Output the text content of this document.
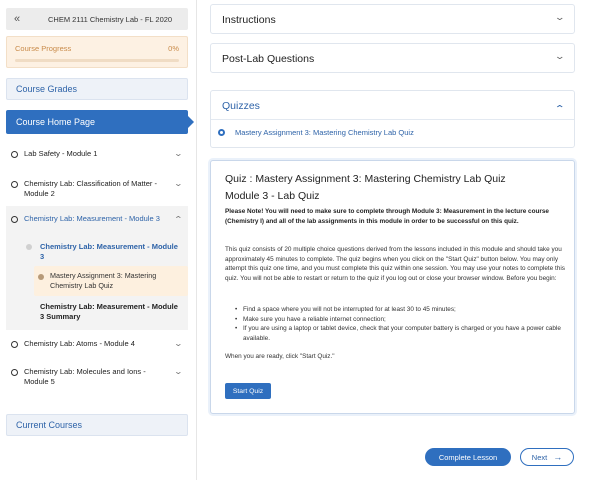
«	CHEM 2111 Chemistry Lab - FL 2020
Course Progress	0%
Course Grades
Course Home Page
Lab Safety - Module 1	⌄
Chemistry Lab: Classification of Matter - Module 2
⌄
Chemistry Lab: Measurement - Module 3	⌄
Chemistry Lab: Measurement - Module 3
Mastery Assignment 3: Mastering Chemistry Lab Quiz
Chemistry Lab: Measurement - Module 3 Summary
Chemistry Lab: Atoms - Module 4	⌄
Chemistry Lab: Molecules and Ions - Module 5
⌄
Current Courses
Instructions	⌄
Post-Lab Questions	⌄
Quizzes	⌄
Mastery Assignment 3: Mastering Chemistry Lab Quiz
Quiz : Mastery Assignment 3: Mastering Chemistry Lab Quiz
Module 3 - Lab Quiz
Please Note! You will need to make sure to complete through Module 3: Measurement in the lecture course (Chemistry I) and all of the lab assignments in this module in order to be successful on this quiz.
This quiz consists of 20 multiple choice questions derived from the lessons included in this module and should take you approximately 45 minutes to complete. The quiz begins when you click on the "Start Quiz" button below. You may only attempt this quiz one time, and you must complete this quiz within one session. You may use your notes to complete this quiz. You will not be able to restart or return to the quiz if you log out or close your browser window. Before you begin:
• Find a space where you will not be interrupted for at least 30 to 45 minutes;
• Make sure you have a reliable internet connection;
• If you are using a laptop or tablet device, check that your computer battery is charged or you have a power cable available.
When you are ready, click "Start Quiz."
Start Quiz
Complete Lesson	Next →
